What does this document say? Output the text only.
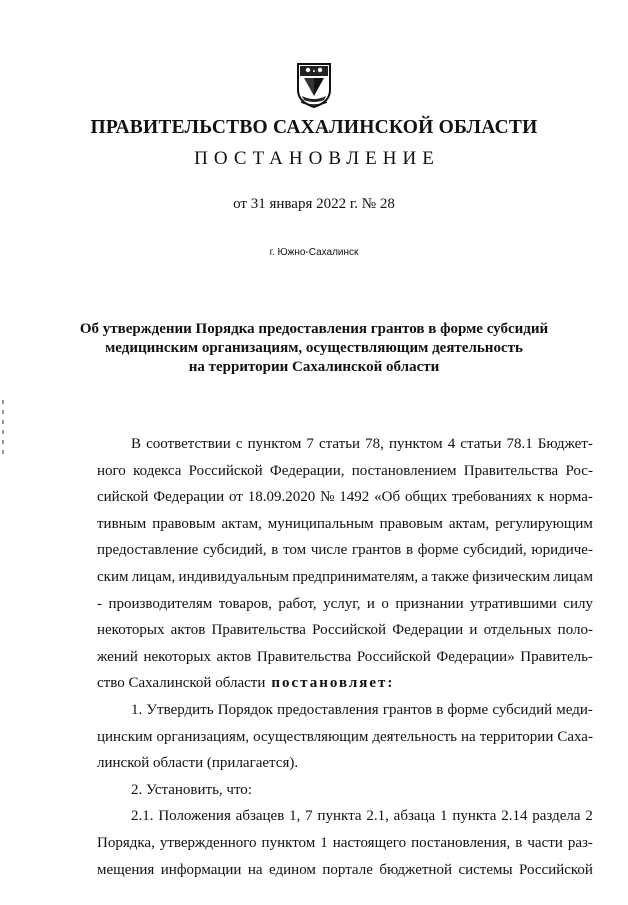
ПРАВИТЕЛЬСТВО САХАЛИНСКОЙ ОБЛАСТИ
ПОСТАНОВЛЕНИЕ
от 31 января 2022 г. № 28
г. Южно-Сахалинск
Об утверждении Порядка предоставления грантов в форме субсидий
медицинским организациям, осуществляющим деятельность
на территории Сахалинской области
В соответствии с пунктом 7 статьи 78, пунктом 4 статьи 78.1 Бюджет-
ного кодекса Российской Федерации, постановлением Правительства Рос-
сийской Федерации от 18.09.2020 № 1492 «Об общих требованиях к норма-
тивным правовым актам, муниципальным правовым актам, регулирующим
предоставление субсидий, в том числе грантов в форме субсидий, юридиче-
ским лицам, индивидуальным предпринимателям, а также физическим лицам
- производителям товаров, работ, услуг, и о признании утратившими силу
некоторых актов Правительства Российской Федерации и отдельных поло-
жений некоторых актов Правительства Российской Федерации» Правитель-
ство Сахалинской области постановляет:
1. Утвердить Порядок предоставления грантов в форме субсидий меди-
цинским организациям, осуществляющим деятельность на территории Саха-
линской области (прилагается).
2. Установить, что:
2.1. Положения абзацев 1, 7 пункта 2.1, абзаца 1 пункта 2.14 раздела 2
Порядка, утвержденного пунктом 1 настоящего постановления, в части раз-
мещения информации на едином портале бюджетной системы Российской
